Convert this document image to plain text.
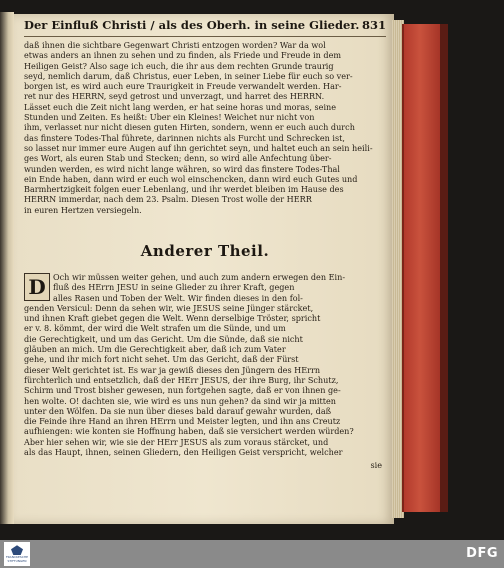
Der Einfluß Christi / als des Oberh. in seine Glieder. 831

daß ihnen die sichtbare Gegenwart Christi entzogen worden? War da wol

etwas anders an ihnen zu sehen und zu finden, als Friede und Freude in dem

Heiligen Geist? Also sage ich euch, die ihr aus dem rechten Grunde traurig

seyd, nemlich darum, daß Christus, euer Leben, in seiner Liebe für euch so ver-

borgen ist, es wird auch eure Traurigkeit in Freude verwandelt werden. Har-

ret nur des HERRN, seyd getrost und unverzagt, und harret des HERRN.

Lässet euch die Zeit nicht lang werden, er hat seine horas und moras, seine

Stunden und Zeiten. Es heißt: Uber ein Kleines! Weichet nur nicht von

ihm, verlasset nur nicht diesen guten Hirten, sondern, wenn er euch auch durch

das finstere Todes-Thal führete, darinnen nichts als Furcht und Schrecken ist,

so lasset nur immer eure Augen auf ihn gerichtet seyn, und haltet euch an sein heili-

ges Wort, als euren Stab und Stecken; denn, so wird alle Anfechtung über-

wunden werden, es wird nicht lange währen, so wird das finstere Todes-Thal

ein Ende haben, dann wird er euch wol einschencken, dann wird euch Gutes und

Barmhertzigkeit folgen euer Lebenlang, und ihr werdet bleiben im Hause des

HERRN immerdar, nach dem 23. Psalm. Diesen Trost wolle der HERR

in euren Hertzen versiegeln.

Anderer Theil.
D Och wir müssen weiter gehen, und auch zum andern erwegen den Ein-

fluß des HErrn JESU in seine Glieder zu ihrer Kraft, gegen

alles Rasen und Toben der Welt. Wir finden dieses in den fol-

genden Versicul: Denn da sehen wir, wie JESUS seine Jünger stärcket,

und ihnen Kraft giebet gegen die Welt. Wenn derselbige Tröster, spricht

er v. 8. kömmt, der wird die Welt strafen um die Sünde, und um

die Gerechtigkeit, und um das Gericht. Um die Sünde, daß sie nicht

gläuben an mich. Um die Gerechtigkeit aber, daß ich zum Vater

gehe, und ihr mich fort nicht sehet. Um das Gericht, daß der Fürst

dieser Welt gerichtet ist. Es war ja gewiß dieses den Jüngern des HErrn

fürchterlich und entsetzlich, daß der HErr JESUS, der ihre Burg, ihr Schutz,

Schirm und Trost bisher gewesen, nun fortgehen sagte, daß er von ihnen ge-

hen wolte. O! dachten sie, wie wird es uns nun gehen? da sind wir ja mitten

unter den Wölfen. Da sie nun über dieses bald darauf gewahr wurden, daß

die Feinde ihre Hand an ihren HErrn und Meister legten, und ihn ans Creutz

aufhiengen: wie konten sie Hoffnung haben, daß sie versichert werden würden?

Aber hier sehen wir, wie sie der HErr JESUS als zum voraus stärcket, und

als das Haupt, ihnen, seinen Gliedern, den Heiligen Geist verspricht, welcher

sie
FRANCKESCHE STIFTUNGEN	DFG
